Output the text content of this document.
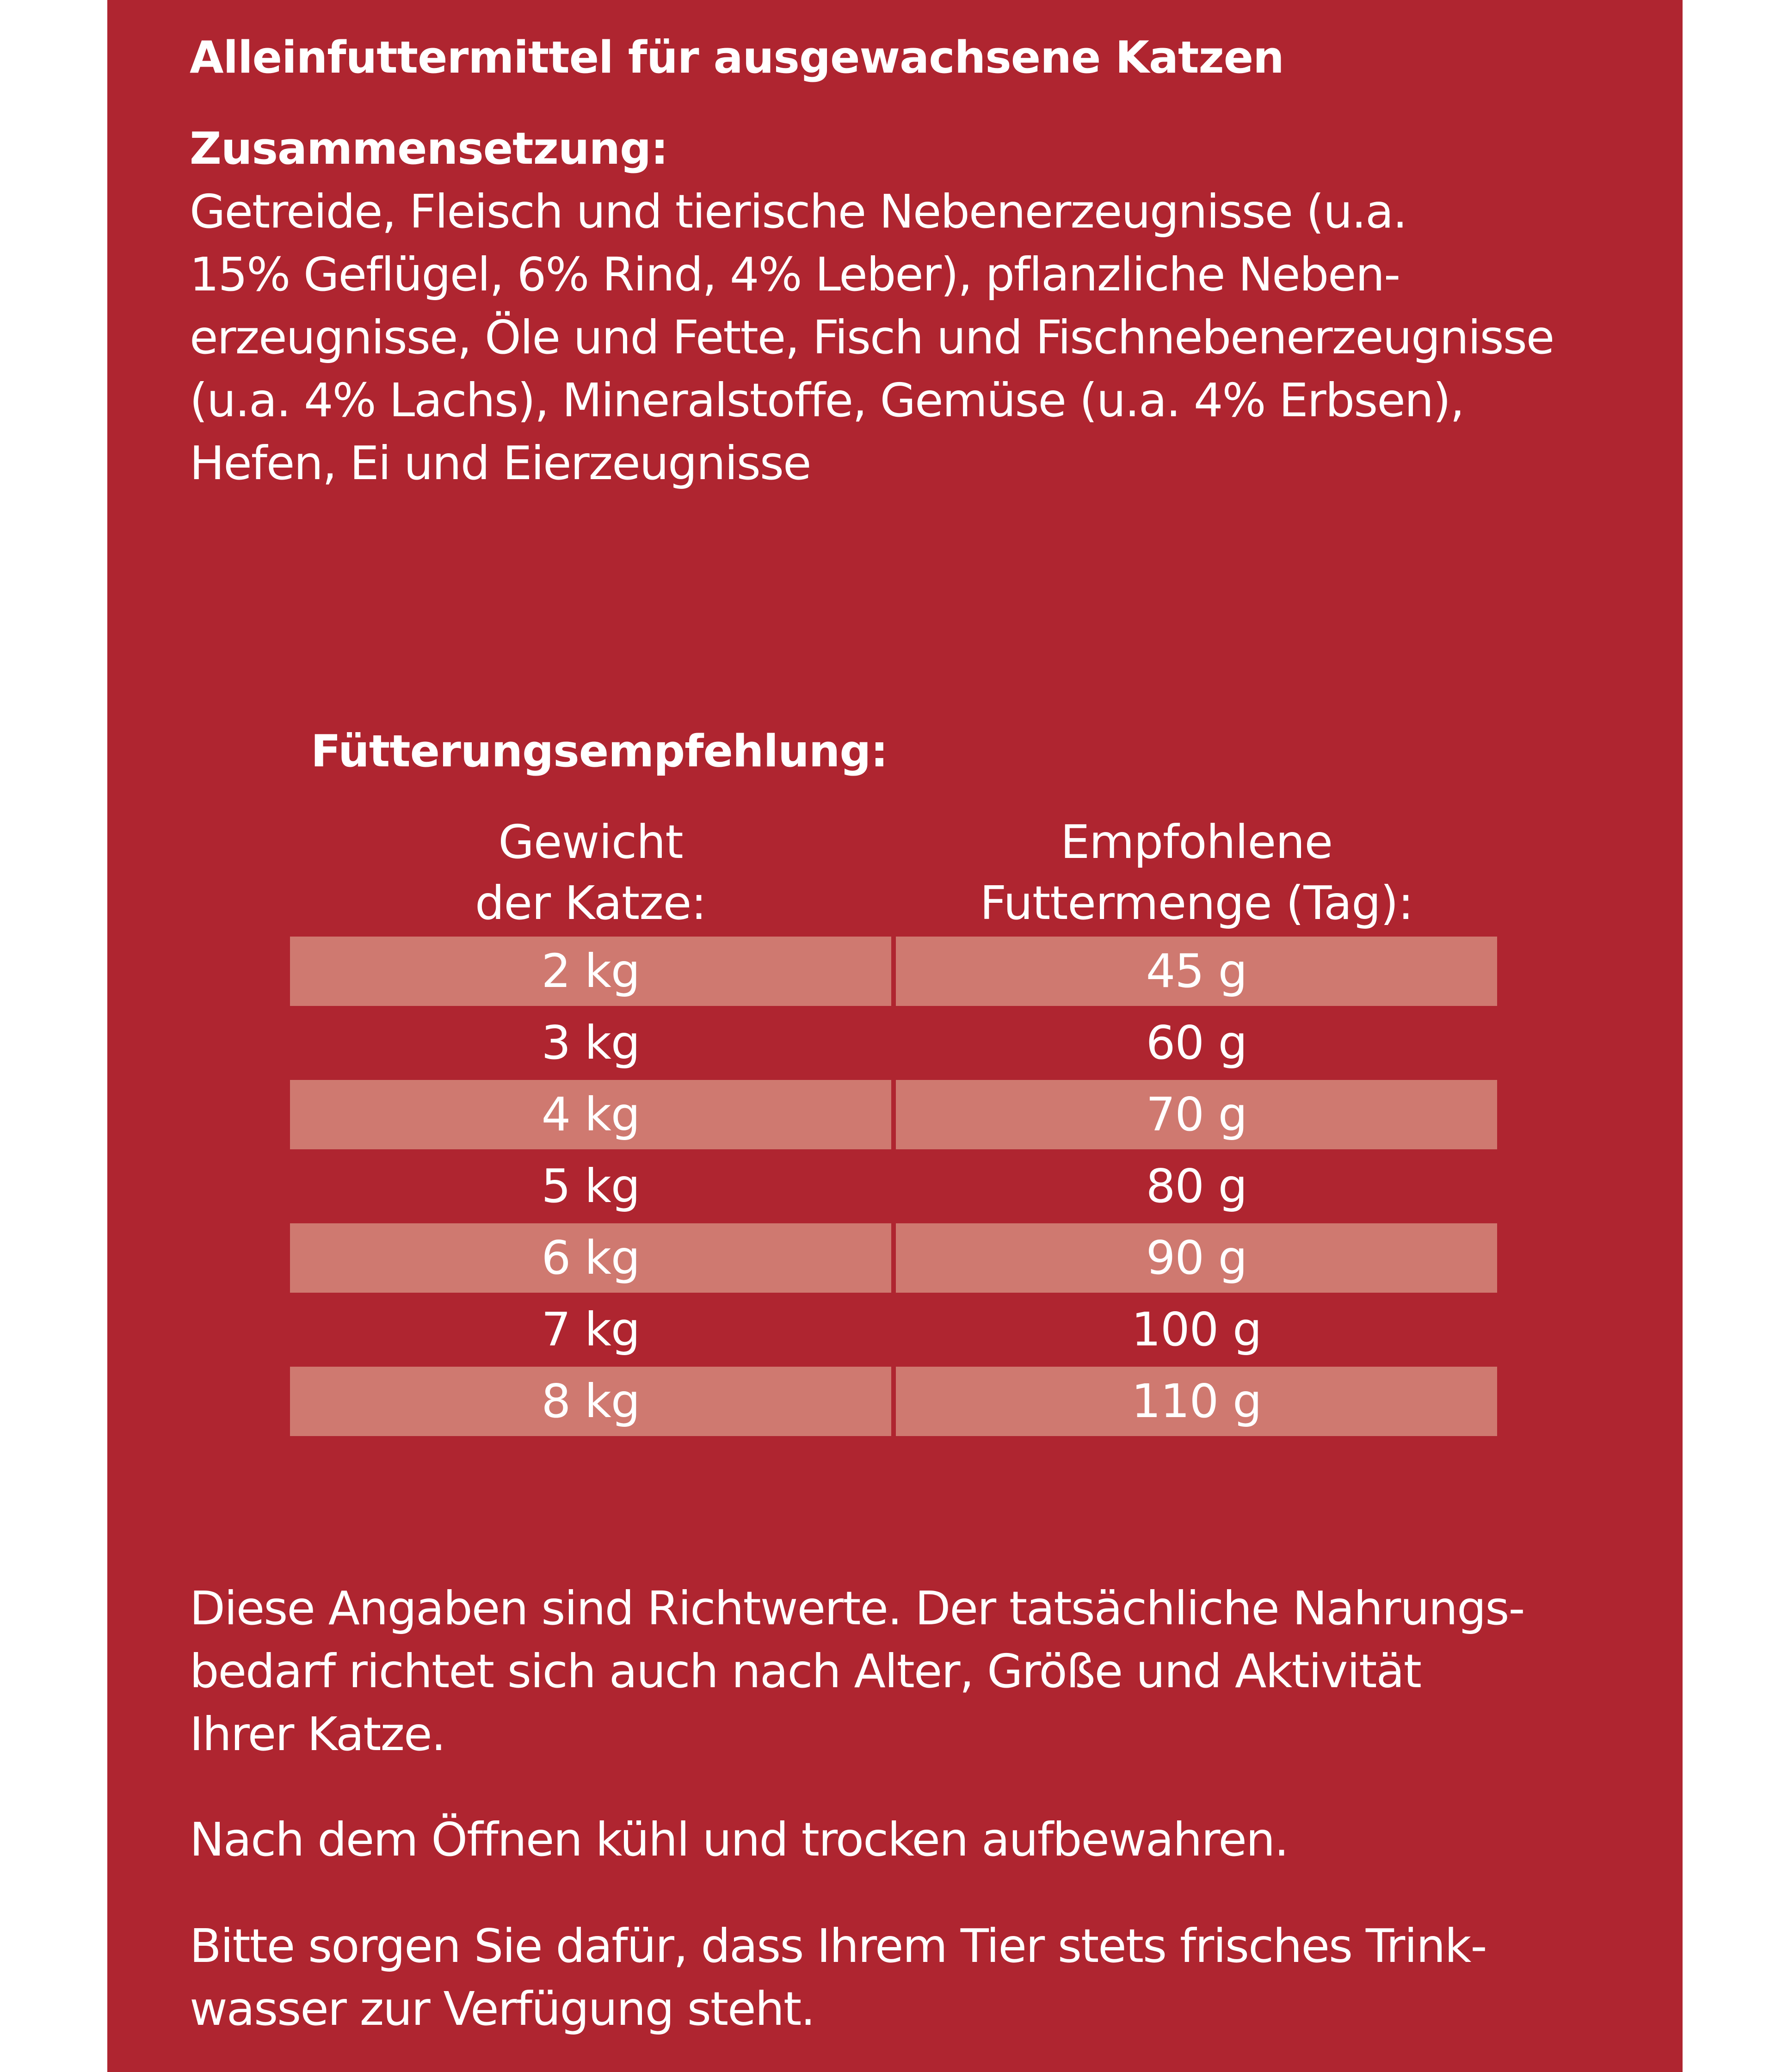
Alleinfuttermittel für ausgewachsene Katzen
Zusammensetzung:

Getreide, Fleisch und tierische Nebenerzeugnisse (u.a.
15% Geflügel, 6% Rind, 4% Leber), pflanzliche Neben-
erzeugnisse, Öle und Fette, Fisch und Fischnebenerzeugnisse
(u.a. 4% Lachs), Mineralstoffe, Gemüse (u.a. 4% Erbsen),
Hefen, Ei und Eierzeugnisse

Fütterungsempfehlung:
Gewicht
der Katze:
Empfohlene
Futtermenge (Tag):
2 kg	45 g
3 kg	60 g
4 kg	70 g
5 kg	80 g
6 kg	90 g
7 kg	100 g
8 kg	110 g

Diese Angaben sind Richtwerte. Der tatsächliche Nahrungs-
bedarf richtet sich auch nach Alter, Größe und Aktivität
Ihrer Katze.

Nach dem Öffnen kühl und trocken aufbewahren.

Bitte sorgen Sie dafür, dass Ihrem Tier stets frisches Trink-
wasser zur Verfügung steht.
